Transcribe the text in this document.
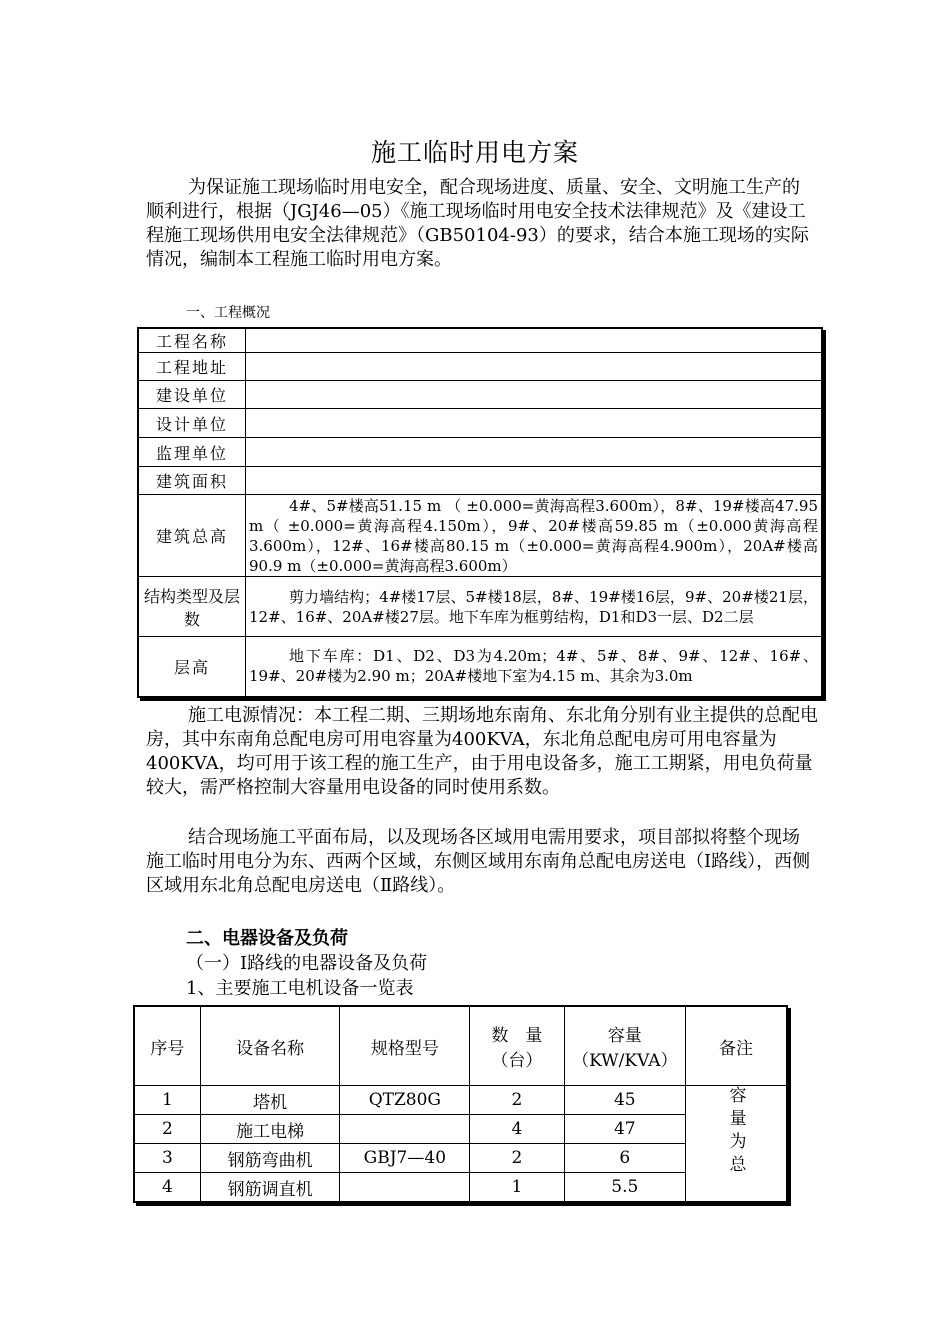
施工临时用电方案

为保证施工现场临时用电安全，配合现场进度、质量、安全、文明施工生产的顺利进行，根据（JGJ46—05）《施工现场临时用电安全技术法律规范》及《建设工程施工现场供用电安全法律规范》（GB50104-93）的要求，结合本施工现场的实际情况，编制本工程施工临时用电方案。

一、工程概况
工程名称	
工程地址	
建设单位	
设计单位	
监理单位	
建筑面积	
建筑总高	4#、5#楼高51.15 m （ ±0.000=黄海高程3.600m），8#、19#楼高47.95 m（ ±0.000=黄海高程4.150m），9#、20#楼高59.85 m（±0.000黄海高程3.600m），12#、16#楼高80.15 m（±0.000=黄海高程4.900m），20A#楼高90.9 m（±0.000=黄海高程3.600m）
结构类型及层数	剪力墙结构；4#楼17层、5#楼18层，8#、19#楼16层，9#、20#楼21层，12#、16#、20A#楼27层。地下车库为框剪结构，D1和D3一层、D2二层
层高	地下车库：D1、D2、D3为4.20m；4#、5#、8#、9#、12#、16#、19#、20#楼为2.90 m；20A#楼地下室为4.15 m、其余为3.0m

施工电源情况：本工程二期、三期场地东南角、东北角分别有业主提供的总配电房，其中东南角总配电房可用电容量为400KVA，东北角总配电房可用电容量为400KVA，均可用于该工程的施工生产，由于用电设备多，施工工期紧，用电负荷量较大，需严格控制大容量用电设备的同时使用系数。

结合现场施工平面布局，以及现场各区域用电需用要求，项目部拟将整个现场施工临时用电分为东、西两个区域，东侧区域用东南角总配电房送电（Ⅰ路线），西侧区域用东北角总配电房送电（Ⅱ路线）。

二、电器设备及负荷
（一）Ⅰ路线的电器设备及负荷
1、主要施工电机设备一览表
序号	设备名称	规格型号	数　量（台）	容量（KW/KVA）	备注
1	塔机	QTZ80G	2	45	容量为总
2	施工电梯		4	47	
3	钢筋弯曲机	GBJ7—40	2	6	
4	钢筋调直机		1	5.5	
